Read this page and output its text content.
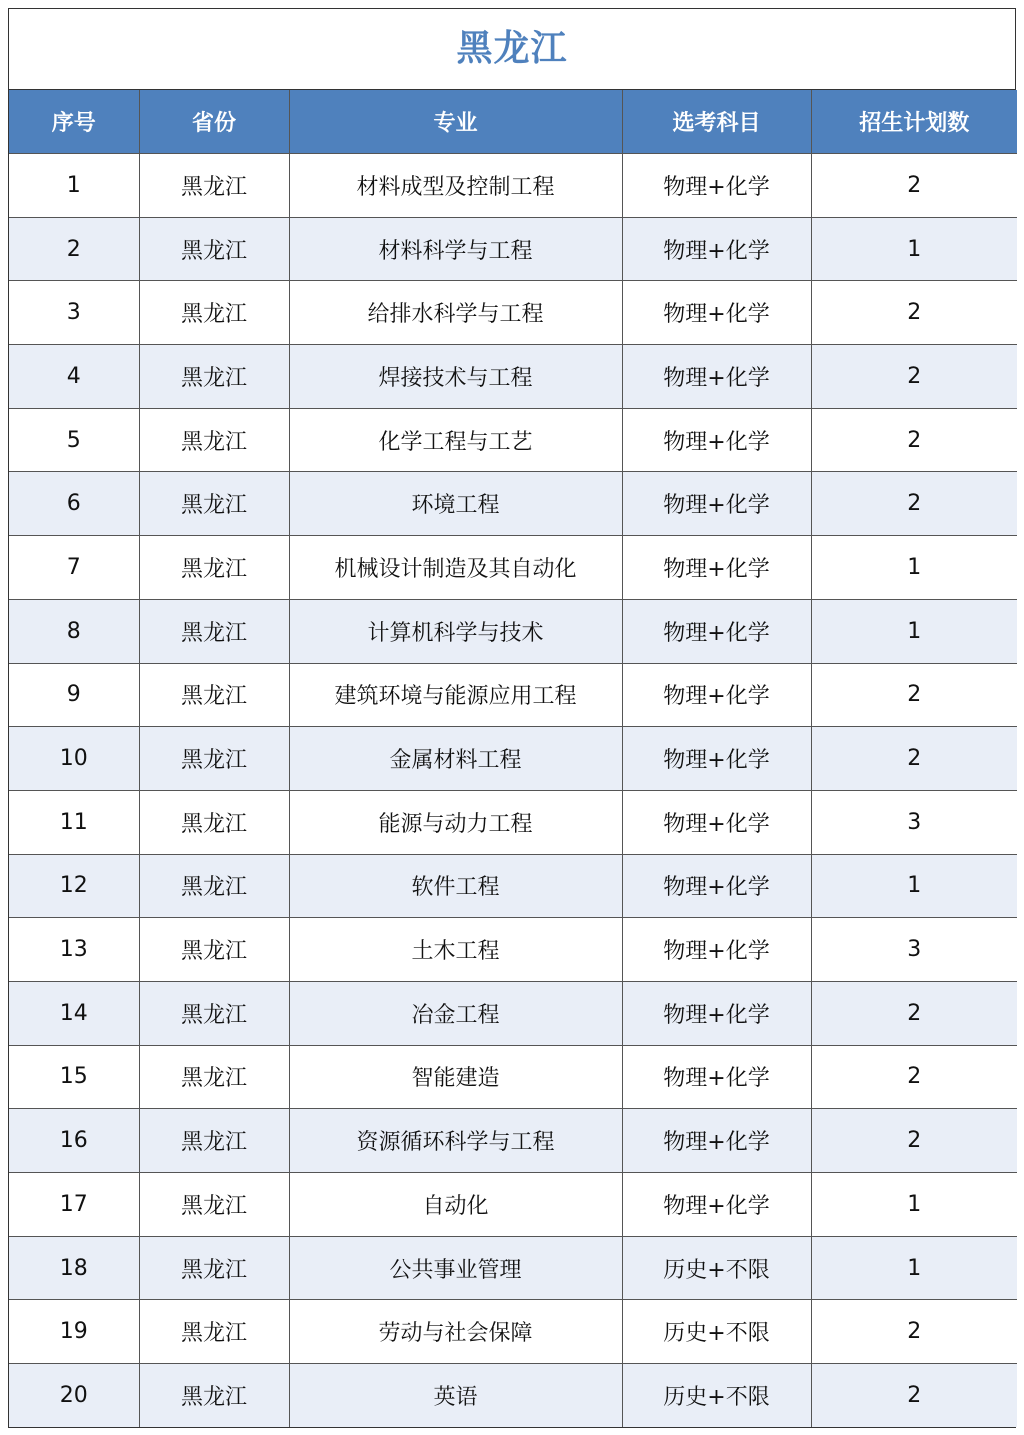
黑龙江
序号	省份	专业	选考科目	招生计划数
1	黑龙江	材料成型及控制工程	物理+化学	2
2	黑龙江	材料科学与工程	物理+化学	1
3	黑龙江	给排水科学与工程	物理+化学	2
4	黑龙江	焊接技术与工程	物理+化学	2
5	黑龙江	化学工程与工艺	物理+化学	2
6	黑龙江	环境工程	物理+化学	2
7	黑龙江	机械设计制造及其自动化	物理+化学	1
8	黑龙江	计算机科学与技术	物理+化学	1
9	黑龙江	建筑环境与能源应用工程	物理+化学	2
10	黑龙江	金属材料工程	物理+化学	2
11	黑龙江	能源与动力工程	物理+化学	3
12	黑龙江	软件工程	物理+化学	1
13	黑龙江	土木工程	物理+化学	3
14	黑龙江	冶金工程	物理+化学	2
15	黑龙江	智能建造	物理+化学	2
16	黑龙江	资源循环科学与工程	物理+化学	2
17	黑龙江	自动化	物理+化学	1
18	黑龙江	公共事业管理	历史+不限	1
19	黑龙江	劳动与社会保障	历史+不限	2
20	黑龙江	英语	历史+不限	2
